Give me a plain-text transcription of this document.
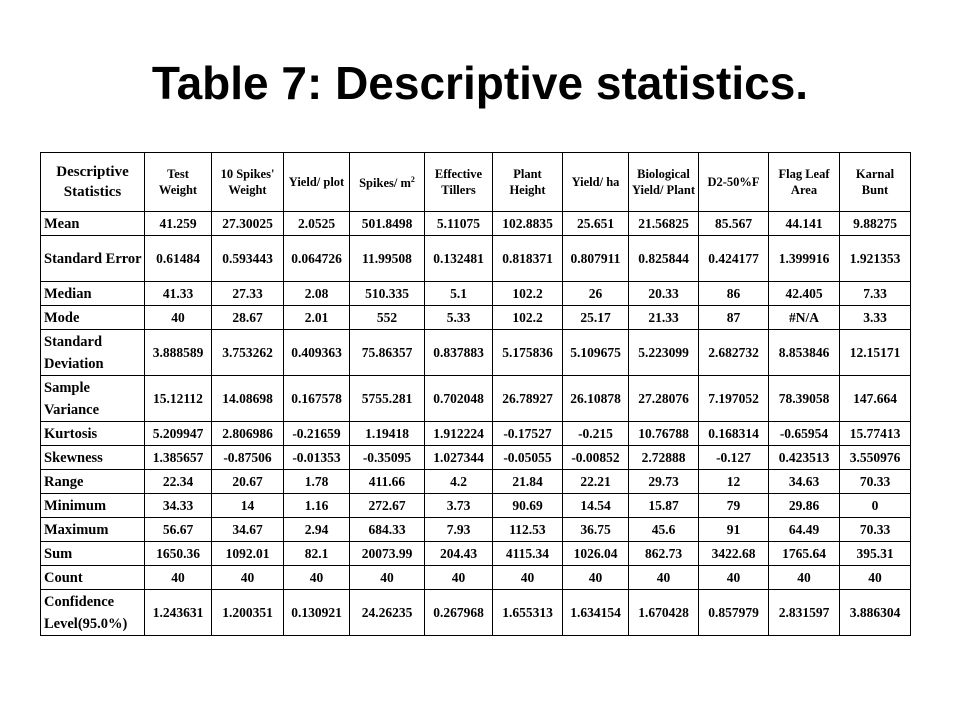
Table 7: Descriptive statistics.
Descriptive Statistics	Test Weight	10 Spikes' Weight	Yield/ plot	Spikes/ $m^2$	Effective Tillers	Plant Height	Yield/ ha	Biological Yield/ Plant	D2-50%F	Flag Leaf Area	Karnal Bunt
Mean	41.259	27.30025	2.0525	501.8498	5.11075	102.8835	25.651	21.56825	85.567	44.141	9.88275
Standard Error	0.61484	0.593443	0.064726	11.99508	0.132481	0.818371	0.807911	0.825844	0.424177	1.399916	1.921353
Median	41.33	27.33	2.08	510.335	5.1	102.2	26	20.33	86	42.405	7.33
Mode	40	28.67	2.01	552	5.33	102.2	25.17	21.33	87	#N/A	3.33
Standard Deviation	3.888589	3.753262	0.409363	75.86357	0.837883	5.175836	5.109675	5.223099	2.682732	8.853846	12.15171
Sample Variance	15.12112	14.08698	0.167578	5755.281	0.702048	26.78927	26.10878	27.28076	7.197052	78.39058	147.664
Kurtosis	5.209947	2.806986	-0.21659	1.19418	1.912224	-0.17527	-0.215	10.76788	0.168314	-0.65954	15.77413
Skewness	1.385657	-0.87506	-0.01353	-0.35095	1.027344	-0.05055	-0.00852	2.72888	-0.127	0.423513	3.550976
Range	22.34	20.67	1.78	411.66	4.2	21.84	22.21	29.73	12	34.63	70.33
Minimum	34.33	14	1.16	272.67	3.73	90.69	14.54	15.87	79	29.86	0
Maximum	56.67	34.67	2.94	684.33	7.93	112.53	36.75	45.6	91	64.49	70.33
Sum	1650.36	1092.01	82.1	20073.99	204.43	4115.34	1026.04	862.73	3422.68	1765.64	395.31
Count	40	40	40	40	40	40	40	40	40	40	40
Confidence Level(95.0%)	1.243631	1.200351	0.130921	24.26235	0.267968	1.655313	1.634154	1.670428	0.857979	2.831597	3.886304
